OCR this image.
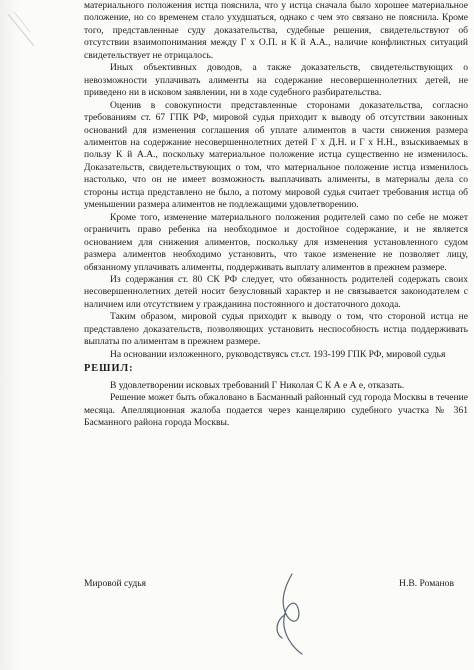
материального положения истца пояснила, что у истца сначала было хорошее материальное положение, но со временем стало ухудшаться, однако с чем это связано не пояснила. Кроме того, представленные суду доказательства, судебные решения, свидетельствуют об отсутствии взаимопонимания между Г х О.П. и К й А.А., наличие конфликтных ситуаций свидетельствует не отрицалось.

Иных объективных доводов, а также доказательств, свидетельствующих о невозможности уплачивать алименты на содержание несовершеннолетних детей, не приведено ни в исковом заявлении, ни в ходе судебного разбирательства.

Оценив в совокупности представленные сторонами доказательства, согласно требованиям ст. 67 ГПК РФ, мировой судья приходит к выводу об отсутствии законных оснований для изменения соглашения об уплате алиментов в части снижения размера алиментов на содержание несовершеннолетних детей Г х Д.Н. и Г х Н.Н., взыскиваемых в пользу К й А.А., поскольку материальное положение истца существенно не изменилось. Доказательств, свидетельствующих о том, что материальное положение истца изменилось настолько, что он не имеет возможность выплачивать алименты, в материалы дела со стороны истца представлено не было, а потому мировой судья считает требования истца об уменьшении размера алиментов не подлежащими удовлетворению.

Кроме того, изменение материального положения родителей само по себе не может ограничить право ребенка на необходимое и достойное содержание, и не является основанием для снижения алиментов, поскольку для изменения установленного судом размера алиментов необходимо установить, что такое изменение не позволяет лицу, обязанному уплачивать алименты, поддерживать выплату алиментов в прежнем размере.

Из содержания ст. 80 СК РФ следует, что обязанность родителей содержать своих несовершеннолетних детей носит безусловный характер и не связывается законодателем с наличием или отсутствием у гражданина постоянного и достаточного дохода.

Таким образом, мировой судья приходит к выводу о том, что стороной истца не представлено доказательств, позволяющих установить неспособность истца поддерживать выплаты по алиментам в прежнем размере.

На основании изложенного, руководствуясь ст.ст. 193-199 ГПК РФ, мировой судья

РЕШИЛ:

В удовлетворении исковых требований Г Николая С К А е А е, отказать.

Решение может быть обжаловано в Басманный районный суд города Москвы в течение месяца. Апелляционная жалоба подается через канцелярию судебного участка № 361 Басманного района города Москвы.

Мировой судья	Н.В. Романов
